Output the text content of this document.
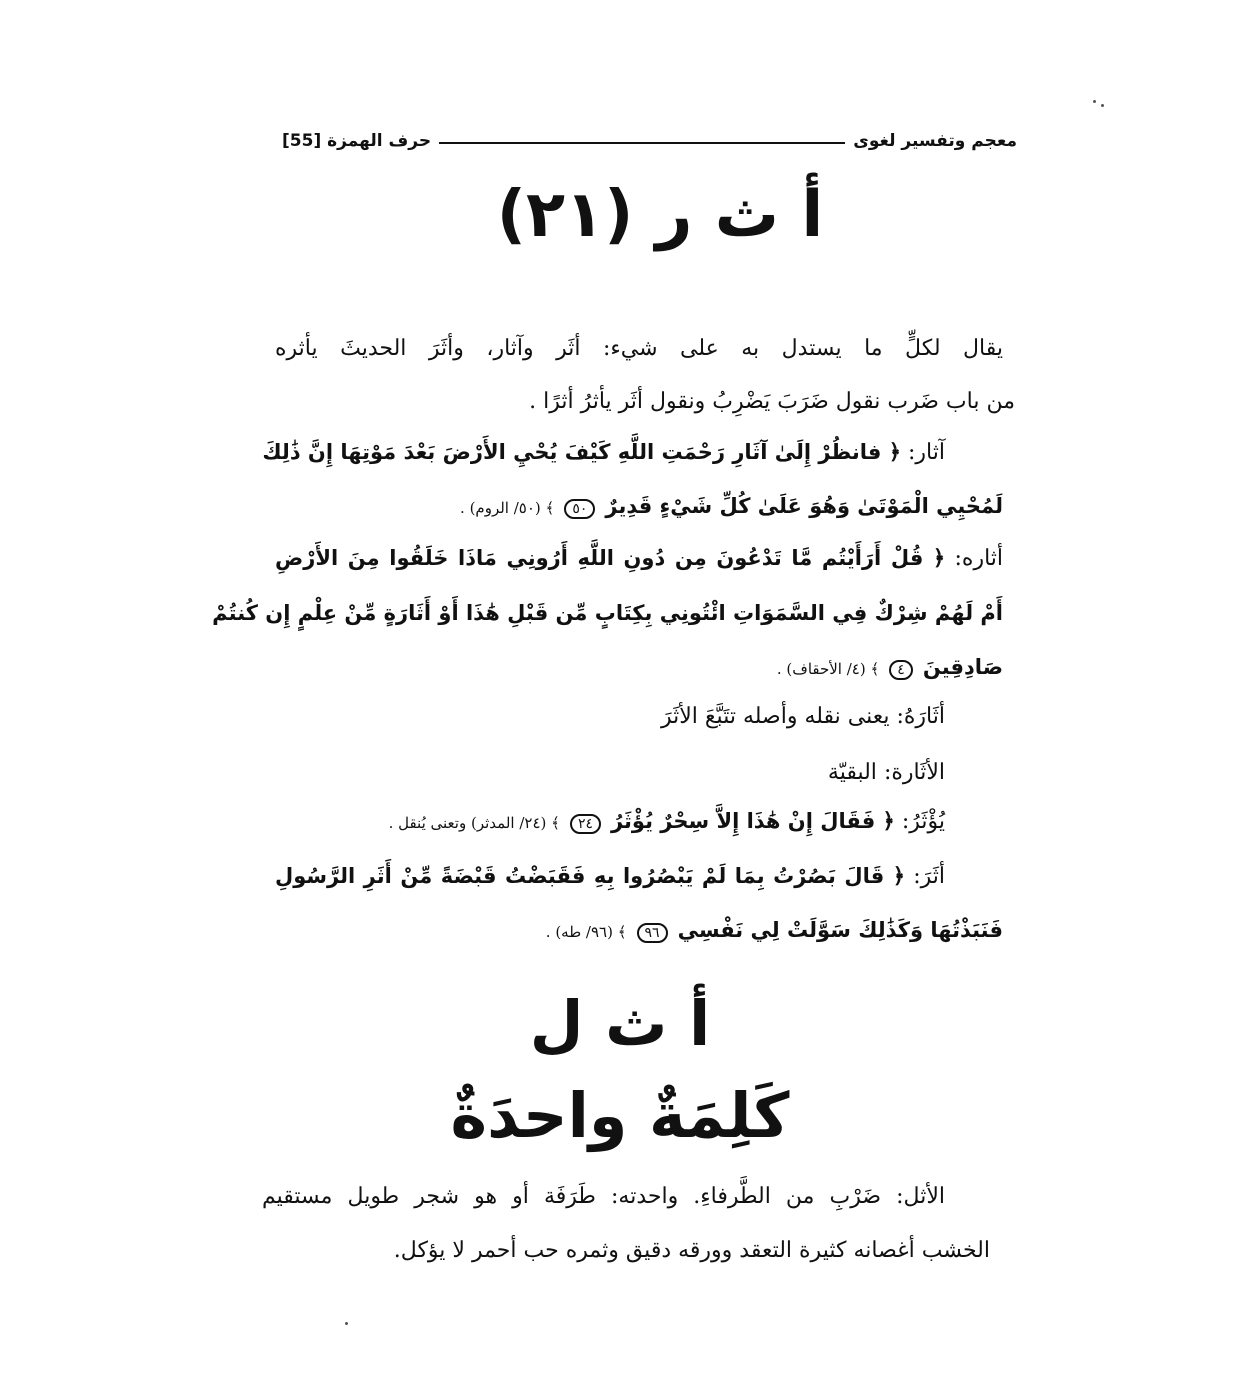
معجم وتفسير لغوى
حرف الهمزة [55]
أ ث ر (٢١)
يقال لكلٍّ ما يستدل به على شيء: أثَر وآثار، وأثَرَ الحديثَ يأثره
من باب ضَرب نقول ضَرَبَ يَضْرِبُ ونقول أثَر يأثرُ أثرًا .
آثار: ﴿ فانظُرْ إِلَىٰ آثَارِ رَحْمَتِ اللَّهِ كَيْفَ يُحْيِ الأَرْضَ بَعْدَ مَوْتِهَا إِنَّ ذَٰلِكَ
لَمُحْيِي الْمَوْتَىٰ وَهُوَ عَلَىٰ كُلِّ شَيْءٍ قَدِيرٌ ٥٠ ﴾ (٥٠/ الروم) .
أثاره: ﴿ قُلْ أَرَأَيْتُم مَّا تَدْعُونَ مِن دُونِ اللَّهِ أَرُونِي مَاذَا خَلَقُوا مِنَ الأَرْضِ
أَمْ لَهُمْ شِرْكٌ فِي السَّمَوَاتِ ائْتُونِي بِكِتَابٍ مِّن قَبْلِ هَٰذَا أَوْ أَثَارَةٍ مِّنْ عِلْمٍ إِن كُنتُمْ
صَادِقِينَ ٤ ﴾ (٤/ الأحقاف) .
أثَارَهُ: يعنى نقله وأصله تتَبَّعَ الأثَرَ
الأثَارة: البقيّة
يُؤْثَرُ: ﴿ فَقَالَ إِنْ هَٰذَا إِلاَّ سِحْرٌ يُؤْثَرُ ٢٤ ﴾ (٢٤/ المدثر) وتعنى يُنقل .
أثَرَ: ﴿ قَالَ بَصُرْتُ بِمَا لَمْ يَبْصُرُوا بِهِ فَقَبَضْتُ قَبْضَةً مِّنْ أَثَرِ الرَّسُولِ
فَنَبَذْتُهَا وَكَذَٰلِكَ سَوَّلَتْ لِي نَفْسِي ٩٦ ﴾ (٩٦/ طه) .
أ ث ل
كَلِمَةٌ واحدَةٌ
الأثل: ضَرْبِ من الطَّرفاءِ. واحدته: طَرَفَة أو هو شجر طويل مستقيم
الخشب أغصانه كثيرة التعقد وورقه دقيق وثمره حب أحمر لا يؤكل.
